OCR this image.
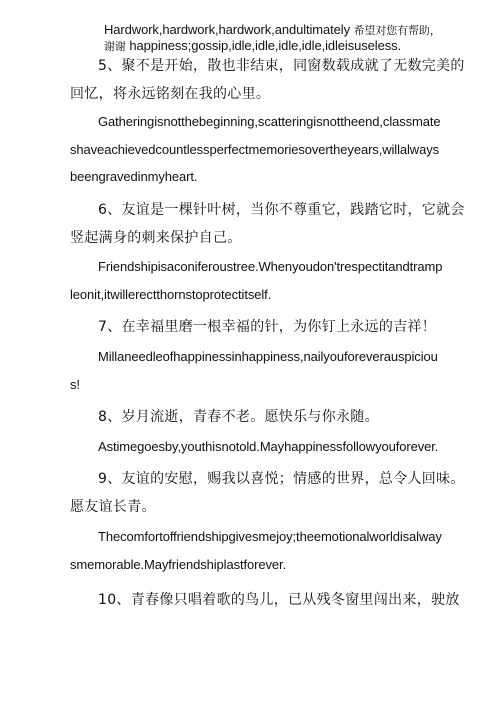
Hardwork,hardwork,hardwork,andultimately 希望对您有帮助，
谢谢 happiness;gossip,idle,idle,idle,idle,idleisuseless.
5、聚不是开始，散也非结束，同窗数载成就了无数完美的
回忆，将永远铭刻在我的心里。
Gatheringisnotthebeginning,scatteringisnottheend,classmate
shaveachievedcountlessperfectmemoriesovertheyears,willalways
beengravedinmyheart.
6、友谊是一棵针叶树，当你不尊重它，践踏它时，它就会
竖起满身的刺来保护自己。
Friendshipisaconiferoustree.Whenyoudon'trespectitandtramp
leonit,itwillerectthornstoprotectitself.
7、在幸福里磨一根幸福的针，为你钉上永远的吉祥！
Millaneedleofhappinessinhappiness,nailyouforeverauspiciou
s!
8、岁月流逝，青春不老。愿快乐与你永随。
Astimegoesby,youthisnotold.Mayhappinessfollowyouforever.
9、友谊的安慰，赐我以喜悦；情感的世界，总令人回味。
愿友谊长青。
Thecomfortoffriendshipgivesmejoy;theemotionalworldisalway
smemorable.Mayfriendshiplastforever.
10、青春像只唱着歌的鸟儿，已从残冬窗里闯出来，驶放
